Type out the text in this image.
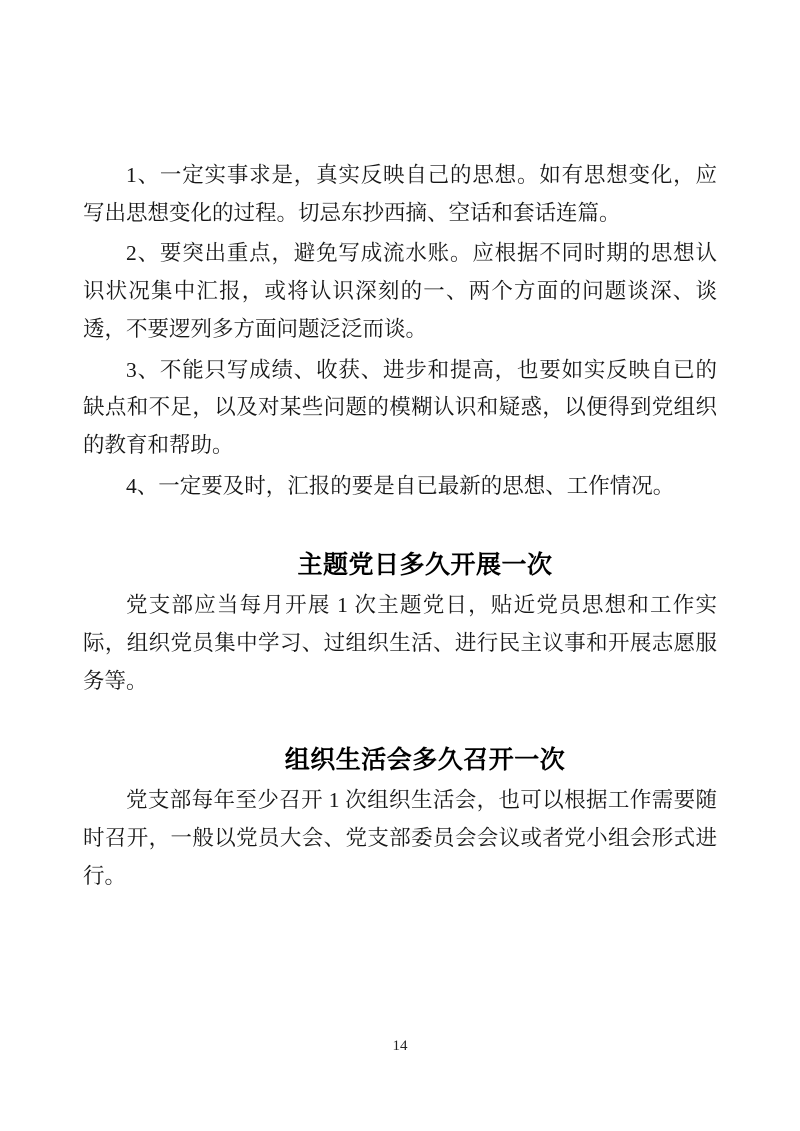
1、一定实事求是，真实反映自己的思想。如有思想变化，应写出思想变化的过程。切忌东抄西摘、空话和套话连篇。

2、要突出重点，避免写成流水账。应根据不同时期的思想认识状况集中汇报，或将认识深刻的一、两个方面的问题谈深、谈透，不要逻列多方面问题泛泛而谈。

3、不能只写成绩、收获、进步和提高，也要如实反映自已的缺点和不足，以及对某些问题的模糊认识和疑惑，以便得到党组织的教育和帮助。

4、一定要及时，汇报的要是自已最新的思想、工作情况。

主题党日多久开展一次

党支部应当每月开展 1 次主题党日，贴近党员思想和工作实际，组织党员集中学习、过组织生活、进行民主议事和开展志愿服务等。

组织生活会多久召开一次

党支部每年至少召开 1 次组织生活会，也可以根据工作需要随时召开，一般以党员大会、党支部委员会会议或者党小组会形式进行。

14
